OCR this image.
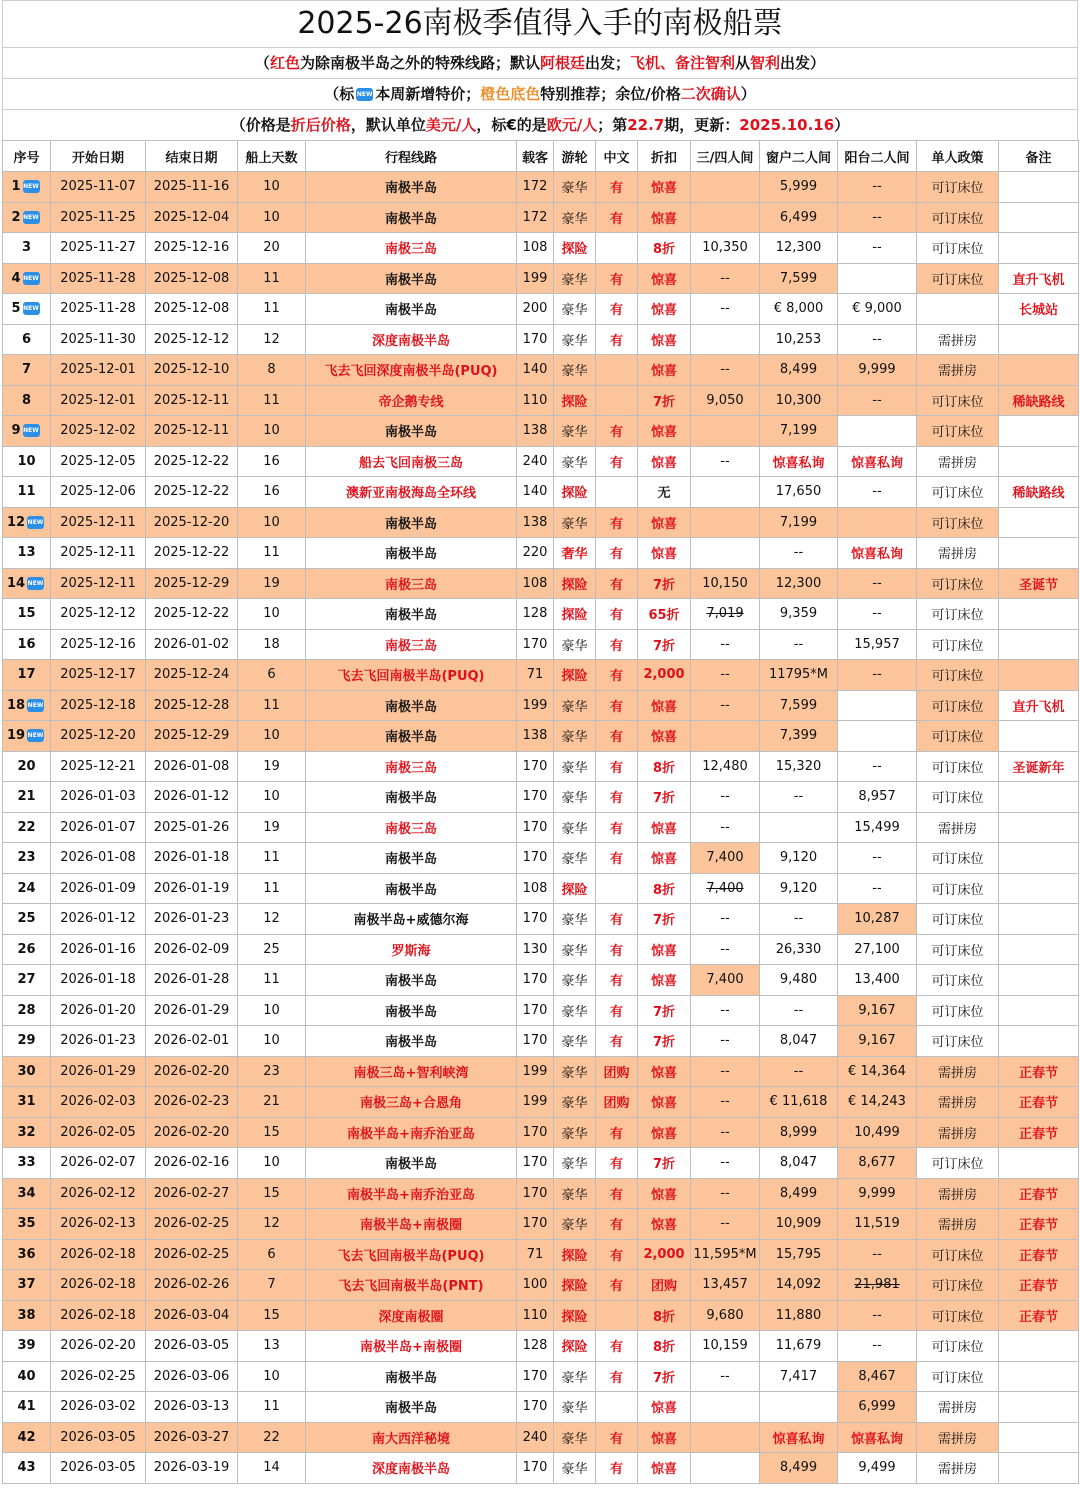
2025-26南极季值得入手的南极船票
（红色为除南极半岛之外的特殊线路；默认阿根廷出发；飞机、备注智利从智利出发）
（标 NEW 本周新增特价；橙色底色特别推荐；余位/价格二次确认）
（价格是折后价格，默认单位美元/人，标€的是欧元/人；第22.7期，更新：2025.10.16）
序号	开始日期	结束日期	船上天数	行程线路	载客	游轮	中文	折扣	三/四人间	窗户二人间	阳台二人间	单人政策	备注
1 NEW	2025-11-07	2025-11-16	10	南极半岛	172	豪华	有	惊喜		5,999	--	可订床位	
2 NEW	2025-11-25	2025-12-04	10	南极半岛	172	豪华	有	惊喜		6,499	--	可订床位	
3	2025-11-27	2025-12-16	20	南极三岛	108	探险		8折	10,350	12,300	--	可订床位	
4 NEW	2025-11-28	2025-12-08	11	南极半岛	199	豪华	有	惊喜	--	7,599		可订床位	直升飞机
5 NEW	2025-11-28	2025-12-08	11	南极半岛	200	豪华	有	惊喜	--	€ 8,000	€ 9,000		长城站
6	2025-11-30	2025-12-12	12	深度南极半岛	170	豪华	有	惊喜		10,253	--	需拼房	
7	2025-12-01	2025-12-10	8	飞去飞回深度南极半岛(PUQ)	140	豪华		惊喜	--	8,499	9,999	需拼房	
8	2025-12-01	2025-12-11	11	帝企鹅专线	110	探险		7折	9,050	10,300	--	可订床位	稀缺路线
9 NEW	2025-12-02	2025-12-11	10	南极半岛	138	豪华	有	惊喜		7,199		可订床位	
10	2025-12-05	2025-12-22	16	船去飞回南极三岛	240	豪华	有	惊喜	--	惊喜私询	惊喜私询	需拼房	
11	2025-12-06	2025-12-22	16	澳新亚南极海岛全环线	140	探险		无		17,650	--	可订床位	稀缺路线
12 NEW	2025-12-11	2025-12-20	10	南极半岛	138	豪华	有	惊喜		7,199		可订床位	
13	2025-12-11	2025-12-22	11	南极半岛	220	奢华	有	惊喜		--	惊喜私询	需拼房	
14 NEW	2025-12-11	2025-12-29	19	南极三岛	108	探险	有	7折	10,150	12,300	--	可订床位	圣诞节
15	2025-12-12	2025-12-22	10	南极半岛	128	探险	有	65折	7,019	9,359	--	可订床位	
16	2025-12-16	2026-01-02	18	南极三岛	170	豪华	有	7折	--	--	15,957	可订床位	
17	2025-12-17	2025-12-24	6	飞去飞回南极半岛(PUQ)	71	探险	有	2,000	--	11795*M	--	可订床位	
18 NEW	2025-12-18	2025-12-28	11	南极半岛	199	豪华	有	惊喜	--	7,599		可订床位	直升飞机
19 NEW	2025-12-20	2025-12-29	10	南极半岛	138	豪华	有	惊喜		7,399		可订床位	
20	2025-12-21	2026-01-08	19	南极三岛	170	豪华	有	8折	12,480	15,320	--	可订床位	圣诞新年
21	2026-01-03	2026-01-12	10	南极半岛	170	豪华	有	7折	--	--	8,957	可订床位	
22	2026-01-07	2025-01-26	19	南极三岛	170	豪华	有	惊喜	--		15,499	需拼房	
23	2026-01-08	2026-01-18	11	南极半岛	170	豪华	有	惊喜	7,400	9,120	--	可订床位	
24	2026-01-09	2026-01-19	11	南极半岛	108	探险		8折	7,400	9,120	--	可订床位	
25	2026-01-12	2026-01-23	12	南极半岛+威德尔海	170	豪华	有	7折	--	--	10,287	可订床位	
26	2026-01-16	2026-02-09	25	罗斯海	130	豪华	有	惊喜	--	26,330	27,100	可订床位	
27	2026-01-18	2026-01-28	11	南极半岛	170	豪华	有	惊喜	7,400	9,480	13,400	可订床位	
28	2026-01-20	2026-01-29	10	南极半岛	170	豪华	有	7折	--	--	9,167	可订床位	
29	2026-01-23	2026-02-01	10	南极半岛	170	豪华	有	7折	--	8,047	9,167	可订床位	
30	2026-01-29	2026-02-20	23	南极三岛+智利峡湾	199	豪华	团购	惊喜	--	--	€ 14,364	需拼房	正春节
31	2026-02-03	2026-02-23	21	南极三岛+合恩角	199	豪华	团购	惊喜	--	€ 11,618	€ 14,243	需拼房	正春节
32	2026-02-05	2026-02-20	15	南极半岛+南乔治亚岛	170	豪华	有	惊喜	--	8,999	10,499	需拼房	正春节
33	2026-02-07	2026-02-16	10	南极半岛	170	豪华	有	7折	--	8,047	8,677	可订床位	
34	2026-02-12	2026-02-27	15	南极半岛+南乔治亚岛	170	豪华	有	惊喜	--	8,499	9,999	需拼房	正春节
35	2026-02-13	2026-02-25	12	南极半岛+南极圈	170	豪华	有	惊喜	--	10,909	11,519	需拼房	正春节
36	2026-02-18	2026-02-25	6	飞去飞回南极半岛(PUQ)	71	探险	有	2,000	11,595*M	15,795	--	可订床位	正春节
37	2026-02-18	2026-02-26	7	飞去飞回南极半岛(PNT)	100	探险	有	团购	13,457	14,092	21,981	可订床位	正春节
38	2026-02-18	2026-03-04	15	深度南极圈	110	探险		8折	9,680	11,880	--	可订床位	正春节
39	2026-02-20	2026-03-05	13	南极半岛+南极圈	128	探险	有	8折	10,159	11,679	--	可订床位	
40	2026-02-25	2026-03-06	10	南极半岛	170	豪华	有	7折	--	7,417	8,467	可订床位	
41	2026-03-02	2026-03-13	11	南极半岛	170	豪华		惊喜			6,999	需拼房	
42	2026-03-05	2026-03-27	22	南大西洋秘境	240	豪华	有	惊喜		惊喜私询	惊喜私询	需拼房	
43	2026-03-05	2026-03-19	14	深度南极半岛	170	豪华	有	惊喜		8,499	9,499	需拼房	
